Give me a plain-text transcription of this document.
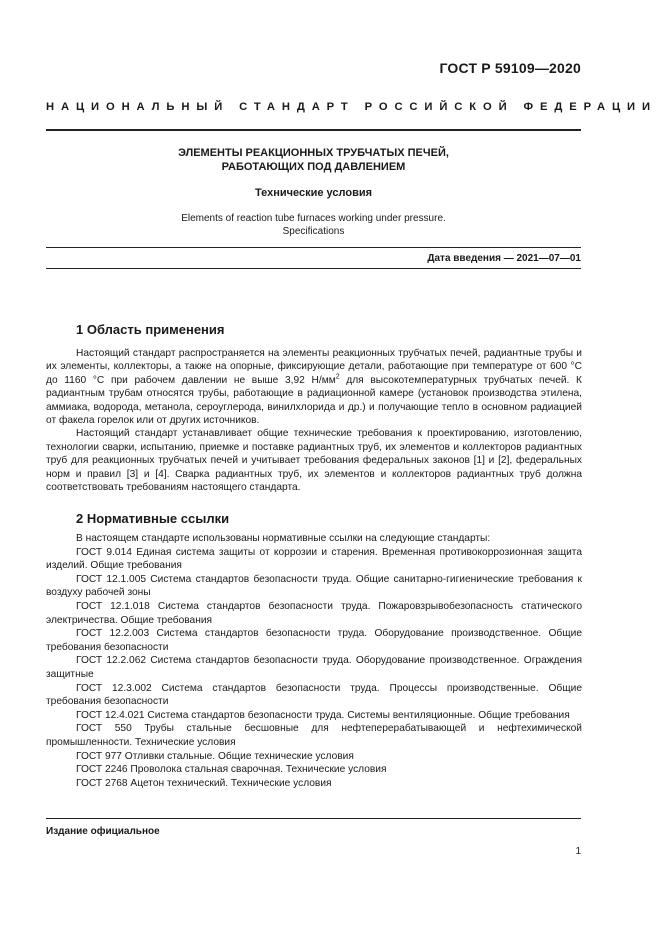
ГОСТ Р 59109—2020
НАЦИОНАЛЬНЫЙ СТАНДАРТ РОССИЙСКОЙ ФЕДЕРАЦИИ
ЭЛЕМЕНТЫ РЕАКЦИОННЫХ ТРУБЧАТЫХ ПЕЧЕЙ,
РАБОТАЮЩИХ ПОД ДАВЛЕНИЕМ
Технические условия
Elements of reaction tube furnaces working under pressure.
Specifications
Дата введения — 2021—07—01
1 Область применения

Настоящий стандарт распространяется на элементы реакционных трубчатых печей, радиантные трубы и их элементы, коллекторы, а также на опорные, фиксирующие детали, работающие при температуре от 600 °С до 1160 °С при рабочем давлении не выше 3,92 $Н/мм^2$ для высокотемпературных трубчатых печей. К радиантным трубам относятся трубы, работающие в радиационной камере (установок производства этилена, аммиака, водорода, метанола, сероуглерода, винилхлорида и др.) и получающие тепло в основном радиацией от факела горелок или от других источников.

Настоящий стандарт устанавливает общие технические требования к проектированию, изготовлению, технологии сварки, испытанию, приемке и поставке радиантных труб, их элементов и коллекторов радиантных труб для реакционных трубчатых печей и учитывает требования федеральных законов [1] и [2], федеральных норм и правил [3] и [4]. Сварка радиантных труб, их элементов и коллекторов радиантных труб должна соответствовать требованиям настоящего стандарта.

2 Нормативные ссылки
В настоящем стандарте использованы нормативные ссылки на следующие стандарты:
ГОСТ 9.014 Единая система защиты от коррозии и старения. Временная противокоррозионная защита изделий. Общие требования
ГОСТ 12.1.005 Система стандартов безопасности труда. Общие санитарно-гигиенические требования к воздуху рабочей зоны
ГОСТ 12.1.018 Система стандартов безопасности труда. Пожаровзрывобезопасность статического электричества. Общие требования
ГОСТ 12.2.003 Система стандартов безопасности труда. Оборудование производственное. Общие требования безопасности
ГОСТ 12.2.062 Система стандартов безопасности труда. Оборудование производственное. Ограждения защитные
ГОСТ 12.3.002 Система стандартов безопасности труда. Процессы производственные. Общие требования безопасности
ГОСТ 12.4.021 Система стандартов безопасности труда. Системы вентиляционные. Общие требования
ГОСТ 550 Трубы стальные бесшовные для нефтеперерабатывающей и нефтехимической промышленности. Технические условия
ГОСТ 977 Отливки стальные. Общие технические условия
ГОСТ 2246 Проволока стальная сварочная. Технические условия
ГОСТ 2768 Ацетон технический. Технические условия
Издание официальное
1
